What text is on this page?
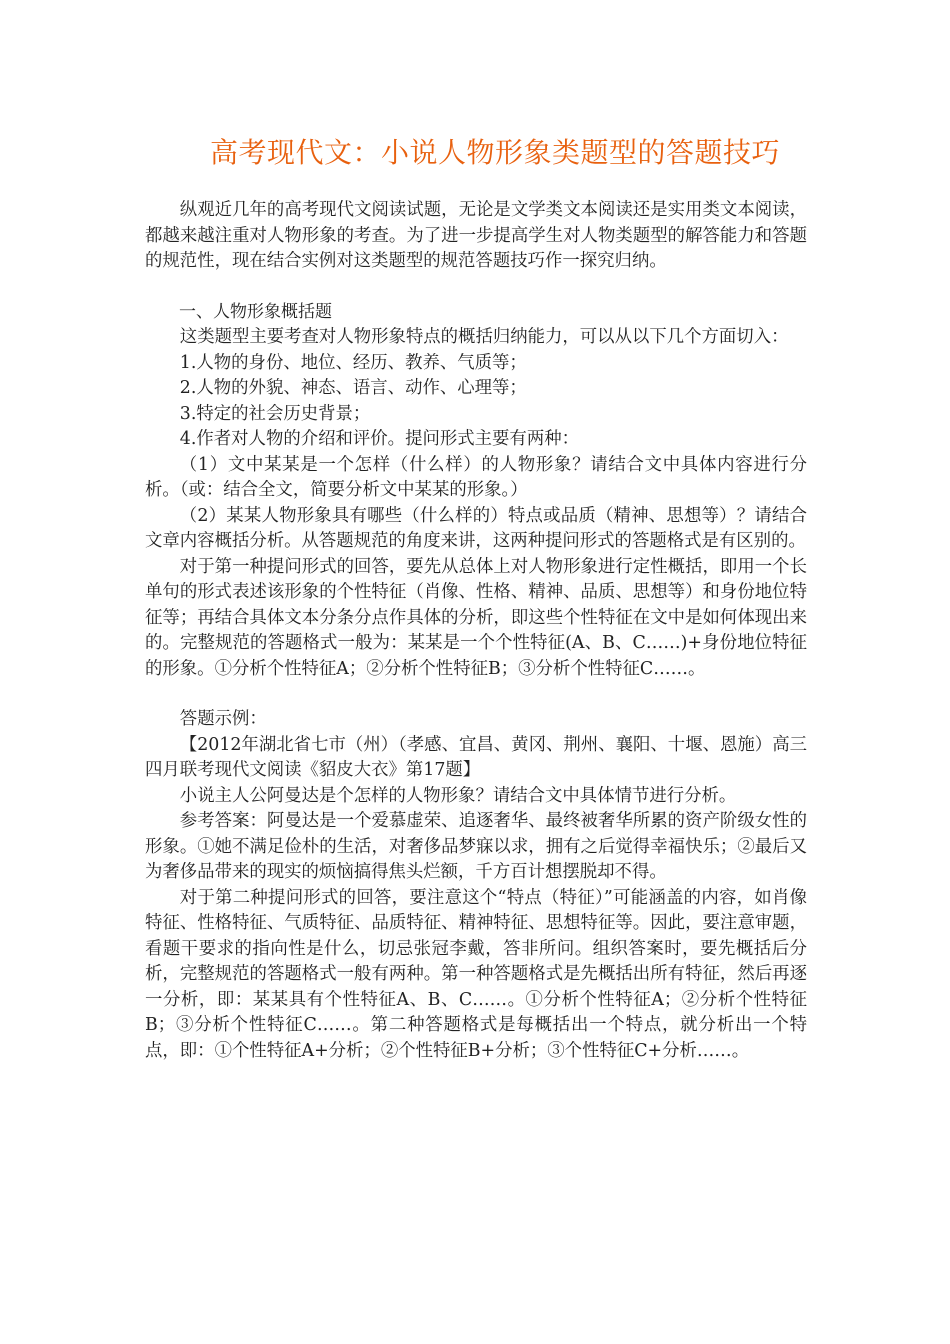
高考现代文：小说人物形象类题型的答题技巧

纵观近几年的高考现代文阅读试题，无论是文学类文本阅读还是实用类文本阅读，都越来越注重对人物形象的考查。为了进一步提高学生对人物类题型的解答能力和答题的规范性，现在结合实例对这类题型的规范答题技巧作一探究归纳。

一、人物形象概括题

这类题型主要考查对人物形象特点的概括归纳能力，可以从以下几个方面切入：

1.人物的身份、地位、经历、教养、气质等；

2.人物的外貌、神态、语言、动作、心理等；

3.特定的社会历史背景；

4.作者对人物的介绍和评价。提问形式主要有两种：

（1）文中某某是一个怎样（什么样）的人物形象？请结合文中具体内容进行分析。（或：结合全文，简要分析文中某某的形象。）

（2）某某人物形象具有哪些（什么样的）特点或品质（精神、思想等）？请结合文章内容概括分析。从答题规范的角度来讲，这两种提问形式的答题格式是有区别的。

对于第一种提问形式的回答，要先从总体上对人物形象进行定性概括，即用一个长单句的形式表述该形象的个性特征（肖像、性格、精神、品质、思想等）和身份地位特征等；再结合具体文本分条分点作具体的分析，即这些个性特征在文中是如何体现出来的。完整规范的答题格式一般为：某某是一个个性特征(A、B、C……)+身份地位特征的形象。①分析个性特征A；②分析个性特征B；③分析个性特征C……。

答题示例：

【2012年湖北省七市（州）（孝感、宜昌、黄冈、荆州、襄阳、十堰、恩施）高三四月联考现代文阅读《貂皮大衣》第17题】

小说主人公阿曼达是个怎样的人物形象？请结合文中具体情节进行分析。

参考答案：阿曼达是一个爱慕虚荣、追逐奢华、最终被奢华所累的资产阶级女性的形象。①她不满足俭朴的生活，对奢侈品梦寐以求，拥有之后觉得幸福快乐；②最后又为奢侈品带来的现实的烦恼搞得焦头烂额，千方百计想摆脱却不得。

对于第二种提问形式的回答，要注意这个“特点（特征）”可能涵盖的内容，如肖像特征、性格特征、气质特征、品质特征、精神特征、思想特征等。因此，要注意审题，看题干要求的指向性是什么，切忌张冠李戴，答非所问。组织答案时，要先概括后分析，完整规范的答题格式一般有两种。第一种答题格式是先概括出所有特征，然后再逐一分析，即：某某具有个性特征A、B、C……。①分析个性特征A；②分析个性特征B；③分析个性特征C……。第二种答题格式是每概括出一个特点，就分析出一个特点，即：①个性特征A+分析；②个性特征B+分析；③个性特征C+分析……。
